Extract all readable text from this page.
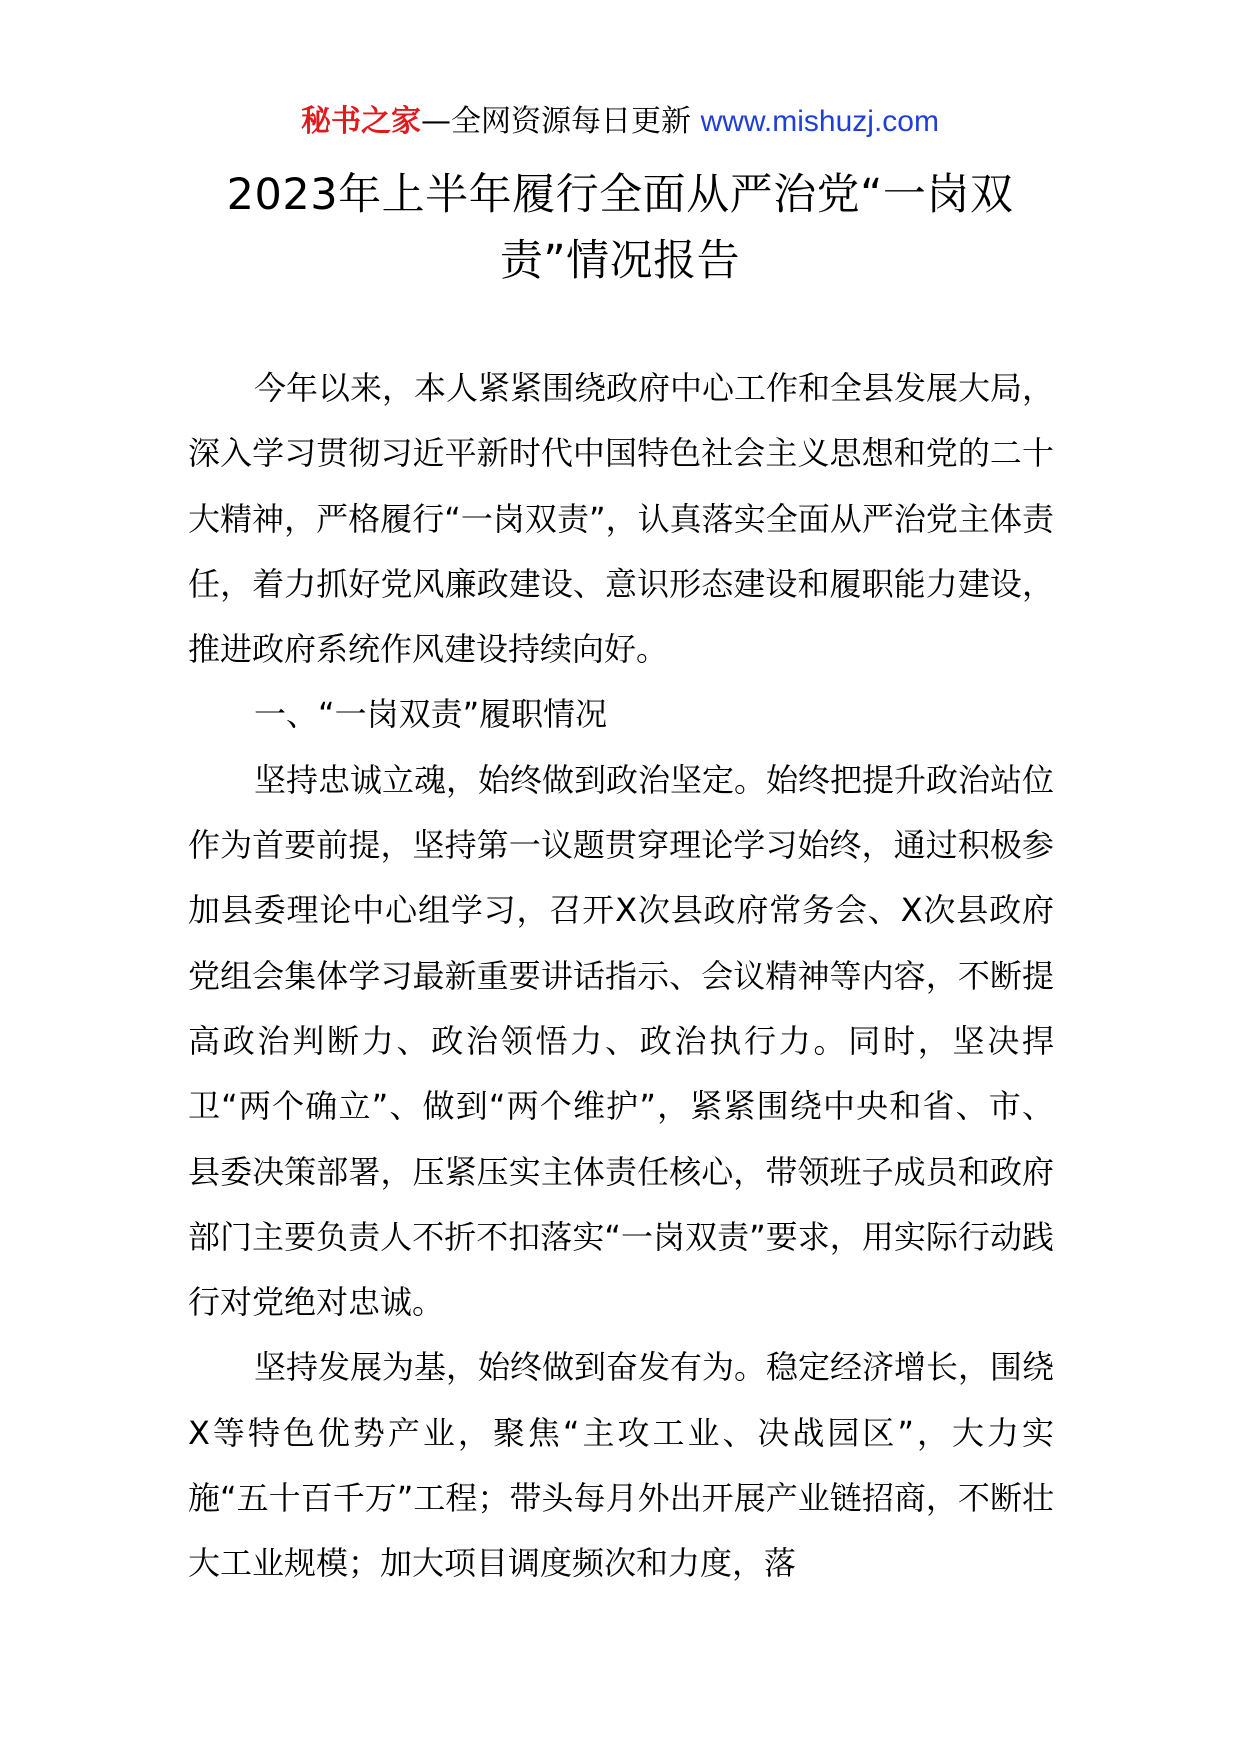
秘书之家—全网资源每日更新 www.mishuzj.com
2023年上半年履行全面从严治党“一岗双责”情况报告

今年以来，本人紧紧围绕政府中心工作和全县发展大局，深入学习贯彻习近平新时代中国特色社会主义思想和党的二十大精神，严格履行“一岗双责”，认真落实全面从严治党主体责任，着力抓好党风廉政建设、意识形态建设和履职能力建设，推进政府系统作风建设持续向好。

一、“一岗双责”履职情况

坚持忠诚立魂，始终做到政治坚定。始终把提升政治站位作为首要前提，坚持第一议题贯穿理论学习始终，通过积极参加县委理论中心组学习，召开X次县政府常务会、X次县政府党组会集体学习最新重要讲话指示、会议精神等内容，不断提高政治判断力、政治领悟力、政治执行力。同时，坚决捍卫“两个确立”、做到“两个维护”，紧紧围绕中央和省、市、县委决策部署，压紧压实主体责任核心，带领班子成员和政府部门主要负责人不折不扣落实“一岗双责”要求，用实际行动践行对党绝对忠诚。

坚持发展为基，始终做到奋发有为。稳定经济增长，围绕X等特色优势产业，聚焦“主攻工业、决战园区”，大力实施“五十百千万”工程；带头每月外出开展产业链招商，不断壮大工业规模；加大项目调度频次和力度，落
